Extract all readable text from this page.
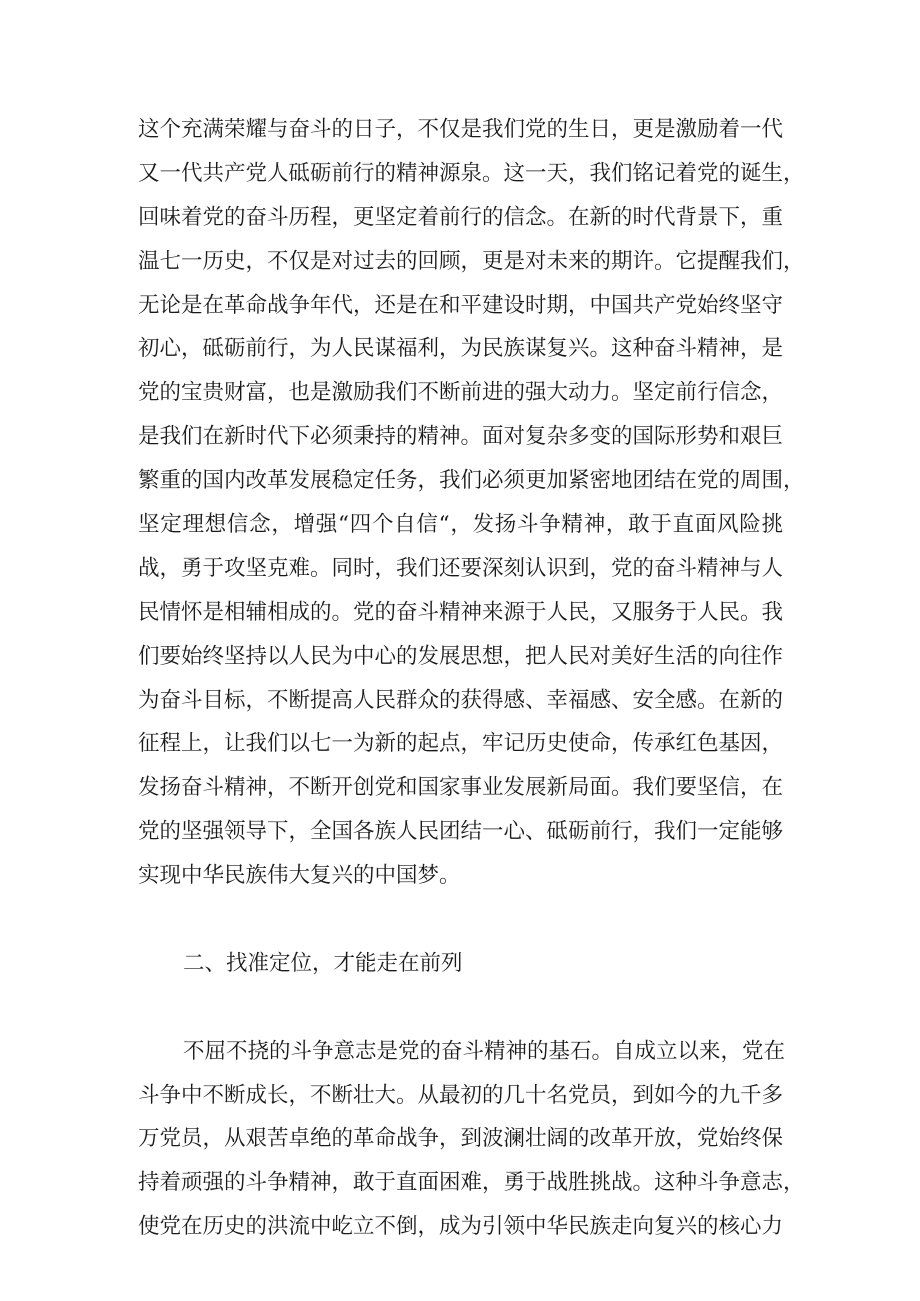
这个充满荣耀与奋斗的日子，不仅是我们党的生日，更是激励着一代
又一代共产党人砥砺前行的精神源泉。这一天，我们铭记着党的诞生，
回味着党的奋斗历程，更坚定着前行的信念。在新的时代背景下，重
温七一历史，不仅是对过去的回顾，更是对未来的期许。它提醒我们，
无论是在革命战争年代，还是在和平建设时期，中国共产党始终坚守
初心，砥砺前行，为人民谋福利，为民族谋复兴。这种奋斗精神，是
党的宝贵财富，也是激励我们不断前进的强大动力。坚定前行信念，
是我们在新时代下必须秉持的精神。面对复杂多变的国际形势和艰巨
繁重的国内改革发展稳定任务，我们必须更加紧密地团结在党的周围，
坚定理想信念，增强“四个自信“，发扬斗争精神，敢于直面风险挑
战，勇于攻坚克难。同时，我们还要深刻认识到，党的奋斗精神与人
民情怀是相辅相成的。党的奋斗精神来源于人民，又服务于人民。我
们要始终坚持以人民为中心的发展思想，把人民对美好生活的向往作
为奋斗目标，不断提高人民群众的获得感、幸福感、安全感。在新的
征程上，让我们以七一为新的起点，牢记历史使命，传承红色基因，
发扬奋斗精神，不断开创党和国家事业发展新局面。我们要坚信，在
党的坚强领导下，全国各族人民团结一心、砥砺前行，我们一定能够
实现中华民族伟大复兴的中国梦。
二、找准定位，才能走在前列
不屈不挠的斗争意志是党的奋斗精神的基石。自成立以来，党在
斗争中不断成长，不断壮大。从最初的几十名党员，到如今的九千多
万党员，从艰苦卓绝的革命战争，到波澜壮阔的改革开放，党始终保
持着顽强的斗争精神，敢于直面困难，勇于战胜挑战。这种斗争意志，
使党在历史的洪流中屹立不倒，成为引领中华民族走向复兴的核心力
